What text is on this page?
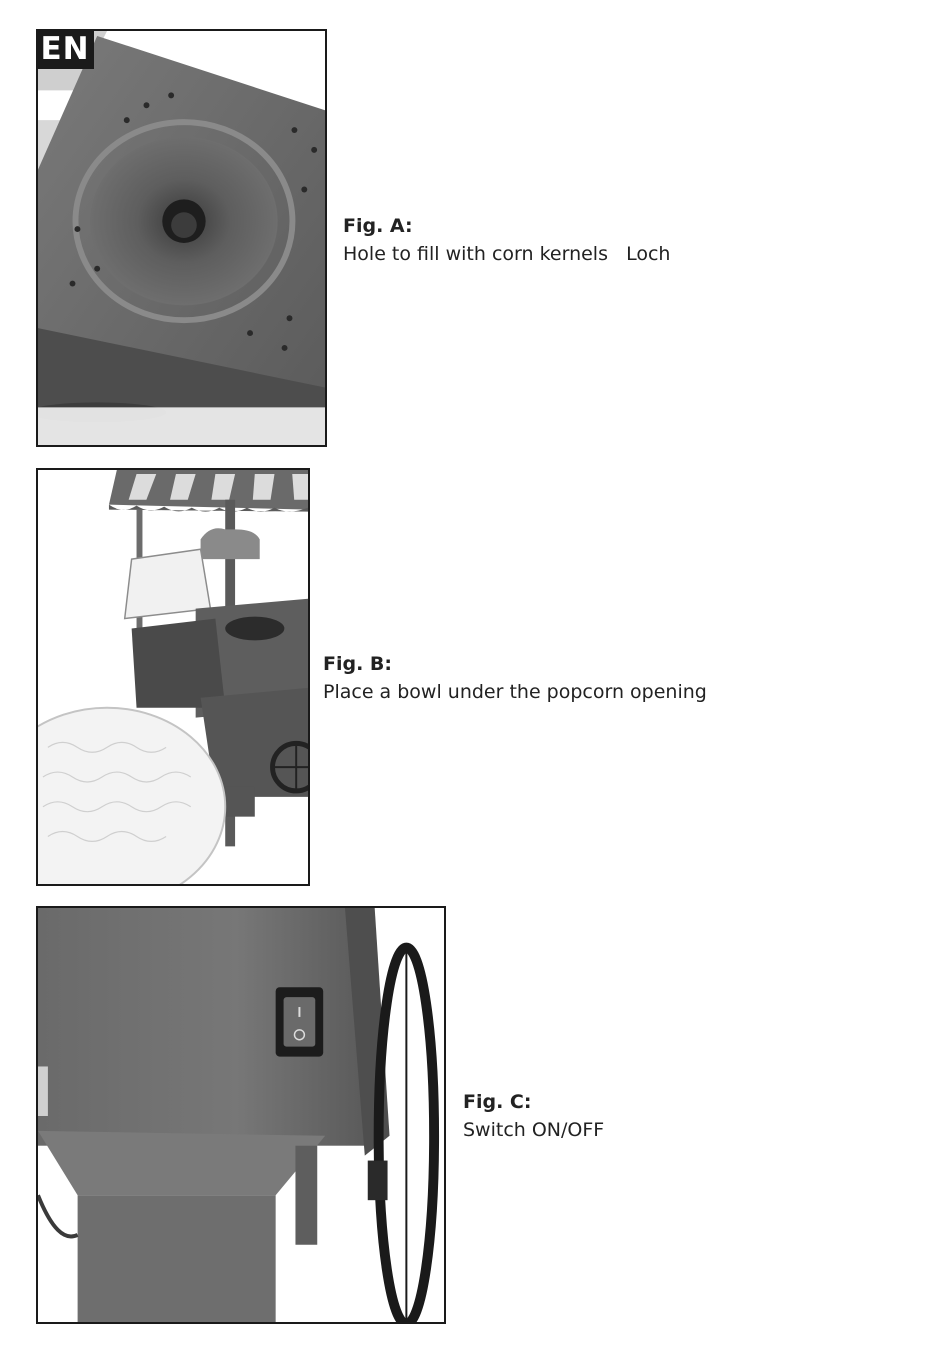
EN
Fig. A:
Hole to fill with corn kernels   Loch
Fig. B:
Place a bowl under the popcorn opening
Fig. C:
Switch ON/OFF
